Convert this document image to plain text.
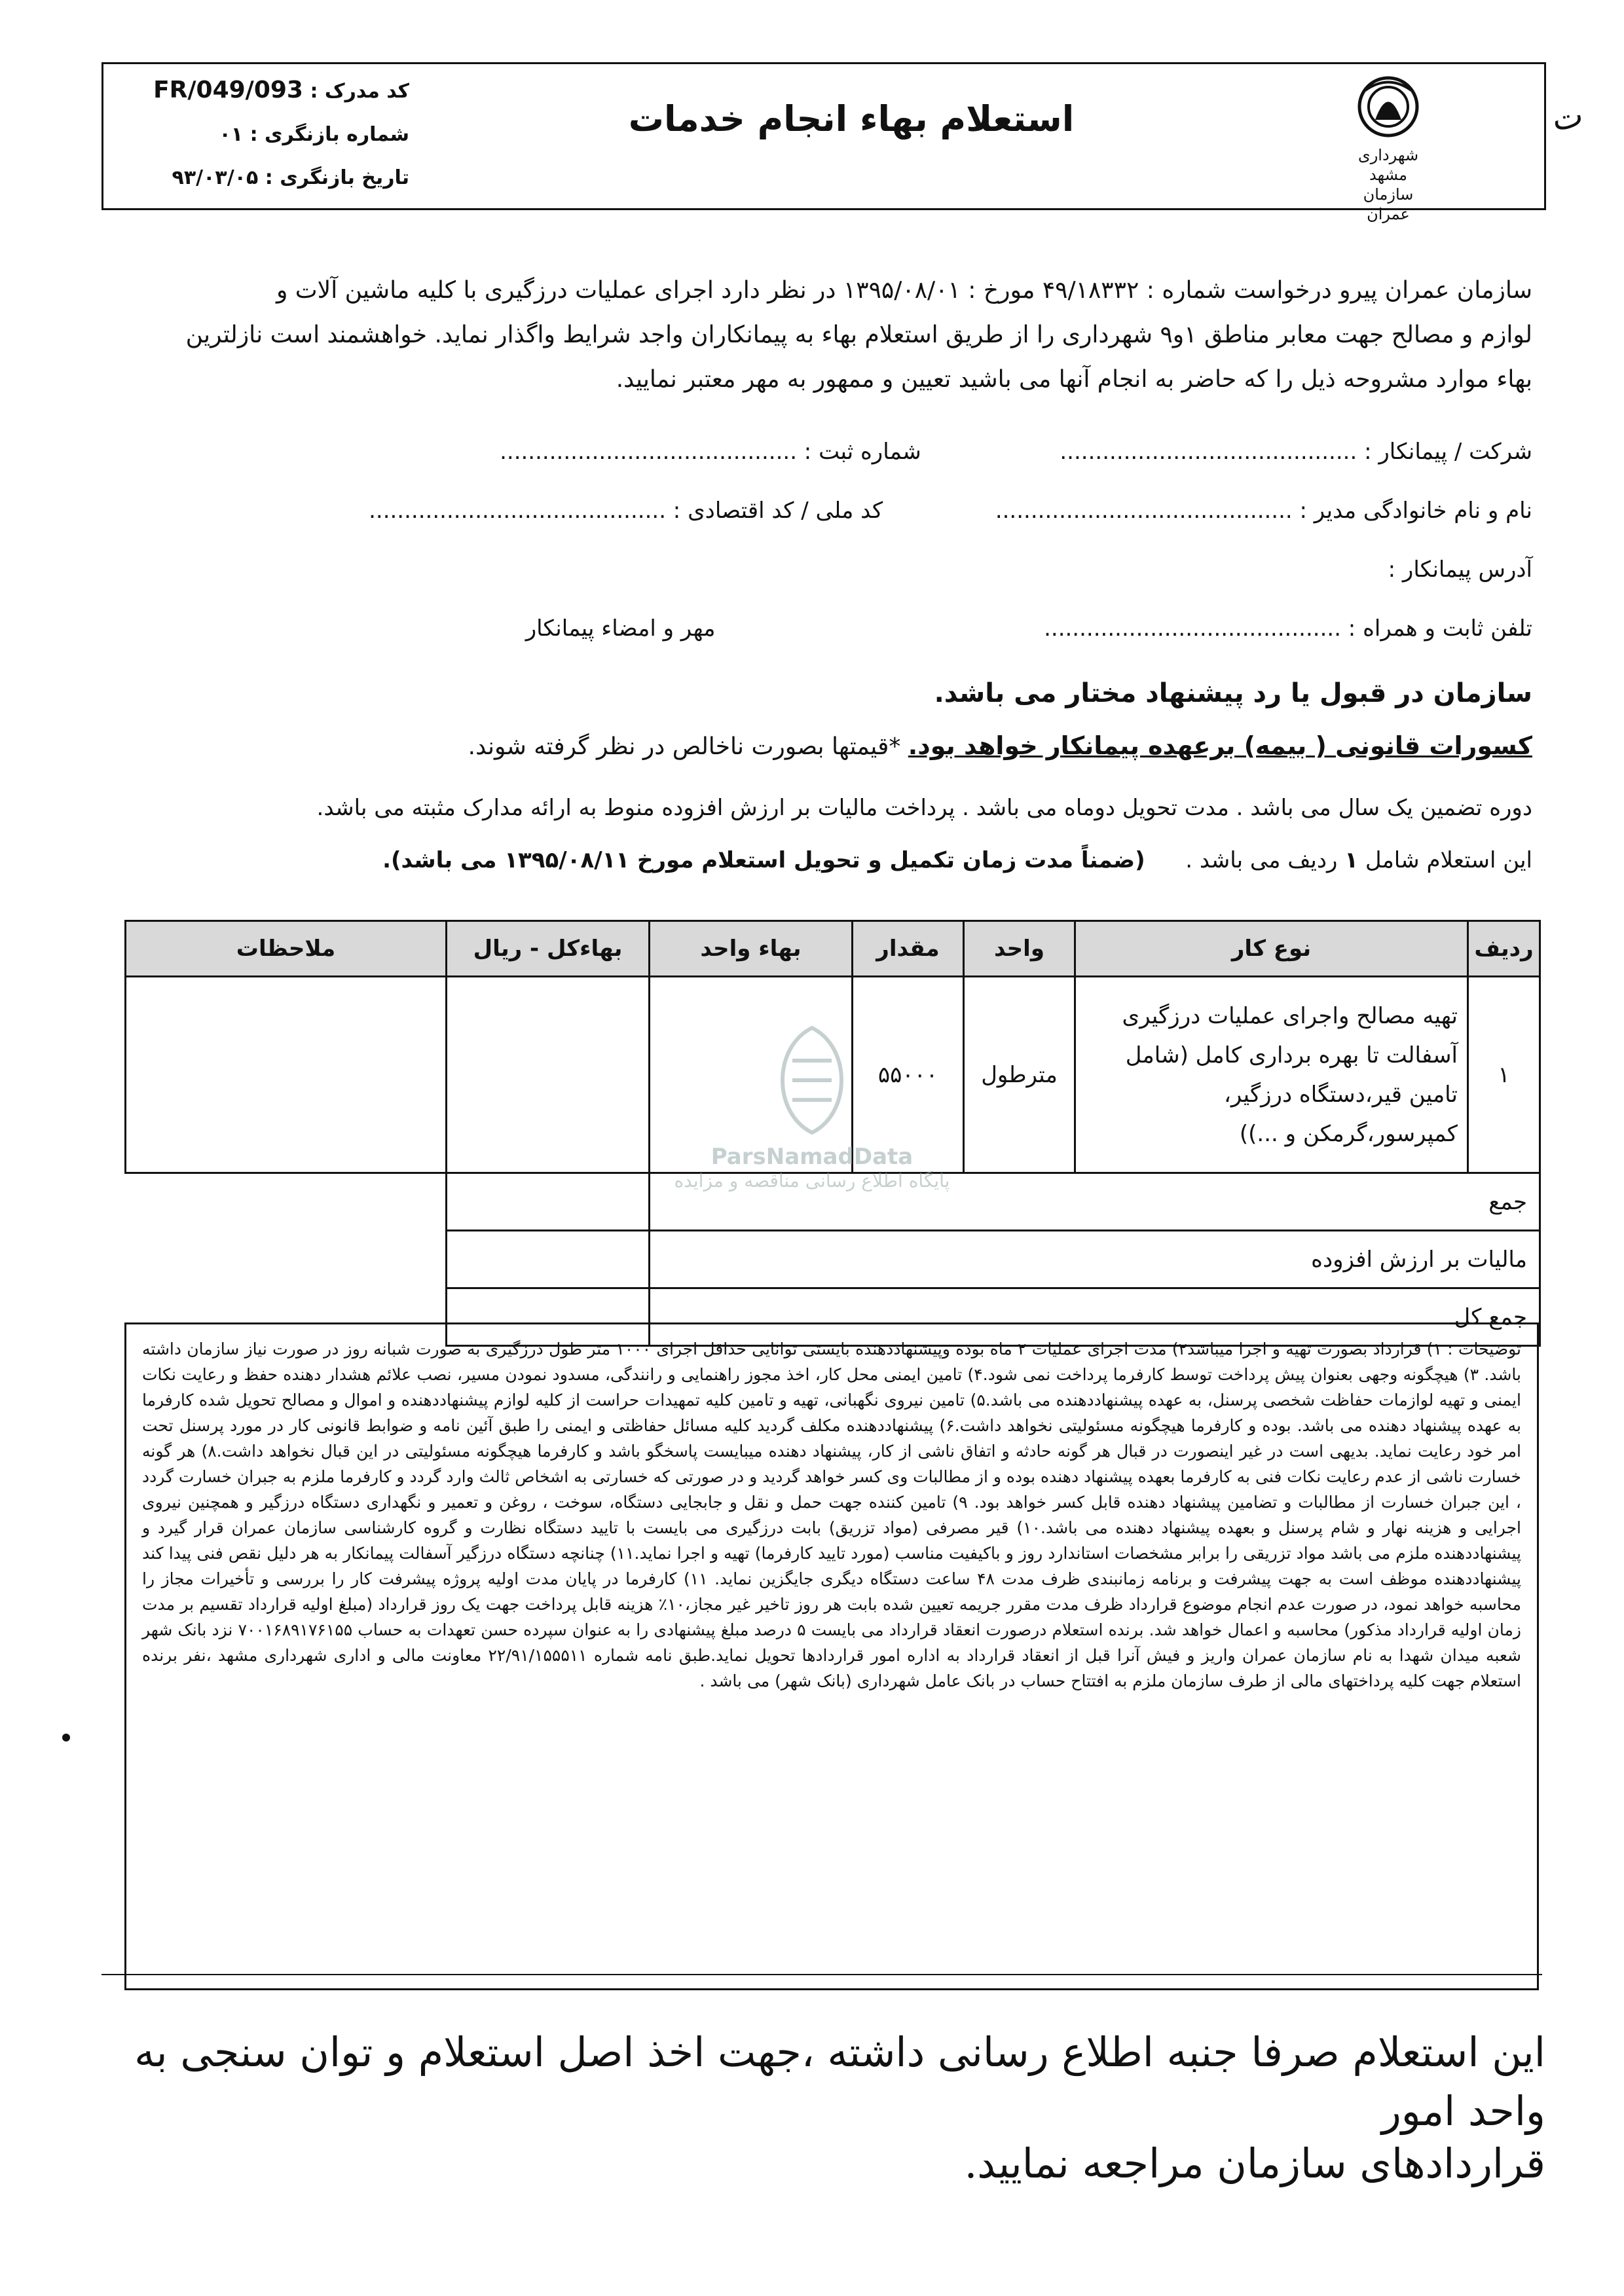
کد مدرک : FR/049/093
شماره بازنگری : ۰۱
تاریخ بازنگری : ۹۳/۰۳/۰۵
استعلام بهاء انجام خدمات
شهرداری مشهد
سازمان عمران
ت
سازمان عمران پیرو درخواست شماره : ۴۹/۱۸۳۳۲ مورخ : ۱۳۹۵/۰۸/۰۱ در نظر دارد اجرای عملیات درزگیری با کلیه ماشین آلات و
لوازم و مصالح جهت معابر مناطق ۱و۹ شهرداری را از طریق استعلام بهاء به پیمانکاران واجد شرایط واگذار نماید. خواهشمند است نازلترین
بهاء موارد مشروحه ذیل را که حاضر به انجام آنها می باشید تعیین و ممهور به مهر معتبر نمایید.
شرکت / پیمانکار : ..........................................  شماره ثبت : ..........................................
نام و نام خانوادگی مدیر : ..........................................  کد ملی / کد اقتصادی : ..........................................
آدرس پیمانکار :
تلفن ثابت و همراه : ..........................................  مهر و امضاء پیمانکار
سازمان در قبول یا رد پیشنهاد مختار می باشد.
کسورات قانونی ( بیمه) برعهده پیمانکار خواهد بود. *قیمتها بصورت ناخالص در نظر گرفته شوند.
دوره تضمین یک سال می باشد . مدت تحویل دوماه می باشد . پرداخت مالیات بر ارزش افزوده منوط به ارائه مدارک مثبته می باشد.
این استعلام شامل ۱ ردیف می باشد .  (ضمناً مدت زمان تکمیل و تحویل استعلام مورخ ۱۳۹۵/۰۸/۱۱ می باشد).
ردیف	نوع کار	واحد	مقدار	بهاء واحد	بهاءکل - ریال	ملاحظات
۱	تهیه مصالح واجرای عملیات درزگیری آسفالت تا بهره برداری کامل (شامل تامین قیر،دستگاه درزگیر، کمپرسور،گرمکن و ...))	مترطول	۵۵۰۰۰			
جمع						
مالیات بر ارزش افزوده						
جمع کل						
ParsNamadData
پایگاه اطلاع رسانی مناقصه و مزایده
توضیحات : ۱) قرارداد بصورت تهیه و اجرا میباشد۲) مدت اجرای عملیات ۲ ماه بوده وپیشنهاددهنده بایستی توانایی حداقل اجرای ۱۰۰۰ متر طول درزگیری به صورت شبانه روز در صورت نیاز سازمان داشته باشد. ۳) هیچگونه وجهی بعنوان پیش پرداخت توسط کارفرما پرداخت نمی شود.۴) تامین ایمنی محل کار، اخذ مجوز راهنمایی و رانندگی، مسدود نمودن مسیر، نصب علائم هشدار دهنده حفظ و رعایت نکات ایمنی و تهیه لوازمات حفاظت شخصی پرسنل، به عهده پیشنهاددهنده می باشد.۵) تامین نیروی نگهبانی، تهیه و تامین کلیه تمهیدات حراست از کلیه لوازم پیشنهاددهنده و اموال و مصالح تحویل شده کارفرما به عهده پیشنهاد دهنده می باشد. بوده و کارفرما هیچگونه مسئولیتی نخواهد داشت.۶) پیشنهاددهنده مکلف گردید کلیه مسائل حفاظتی و ایمنی را طبق آئین نامه و ضوابط قانونی کار در مورد پرسنل تحت امر خود رعایت نماید. بدیهی است در غیر اینصورت در قبال هر گونه حادثه و اتفاق ناشی از کار، پیشنهاد دهنده میبایست پاسخگو باشد و کارفرما هیچگونه مسئولیتی در این قبال نخواهد داشت.۸) هر گونه خسارت ناشی از عدم رعایت نکات فنی به کارفرما بعهده پیشنهاد دهنده بوده و از مطالبات وی کسر خواهد گردید و در صورتی که خسارتی به اشخاص ثالث وارد گردد و کارفرما ملزم به جبران خسارت گردد ، این جبران خسارت از مطالبات و تضامین پیشنهاد دهنده قابل کسر خواهد بود. ۹) تامین کننده جهت حمل و نقل و جابجایی دستگاه، سوخت ، روغن و تعمیر و نگهداری دستگاه درزگیر و همچنین نیروی اجرایی و هزینه نهار و شام پرسنل و بعهده پیشنهاد دهنده می باشد.۱۰) قیر مصرفی (مواد تزریق) بابت درزگیری می بایست با تایید دستگاه نظارت و گروه کارشناسی سازمان عمران قرار گیرد و پیشنهاددهنده ملزم می باشد مواد تزریقی را برابر مشخصات استاندارد روز و باکیفیت مناسب (مورد تایید کارفرما) تهیه و اجرا نماید.۱۱) چنانچه دستگاه درزگیر آسفالت پیمانکار به هر دلیل نقص فنی پیدا کند پیشنهاددهنده موظف است به جهت پیشرفت و برنامه زمانبندی ظرف مدت ۴۸ ساعت دستگاه دیگری جایگزین نماید. ۱۱) کارفرما در پایان مدت اولیه پروژه پیشرفت کار را بررسی و تأخیرات مجاز را محاسبه خواهد نمود، در صورت عدم انجام موضوع قرارداد ظرف مدت مقرر جریمه تعیین شده بابت هر روز تاخیر غیر مجاز،۱۰٪ هزینه قابل پرداخت جهت یک روز قرارداد (مبلغ اولیه قرارداد تقسیم بر مدت زمان اولیه قرارداد مذکور) محاسبه و اعمال خواهد شد. برنده استعلام درصورت انعقاد قرارداد می بایست ۵ درصد مبلغ پیشنهادی را به عنوان سپرده حسن تعهدات به حساب ۷۰۰۱۶۸۹۱۷۶۱۵۵ نزد بانک شهر شعبه میدان شهدا به نام سازمان عمران واریز و فیش آنرا قبل از انعقاد قرارداد به اداره امور قراردادها تحویل نماید.طبق نامه شماره ۲۲/۹۱/۱۵۵۵۱۱ معاونت مالی و اداری شهرداری مشهد ،نفر برنده استعلام جهت کلیه پرداختهای مالی از طرف سازمان ملزم به افتتاح حساب در بانک عامل شهرداری (بانک شهر) می باشد .
این استعلام صرفا جنبه اطلاع رسانی داشته ،جهت اخذ اصل استعلام و توان سنجی به واحد امور
قراردادهای سازمان مراجعه نمایید.
